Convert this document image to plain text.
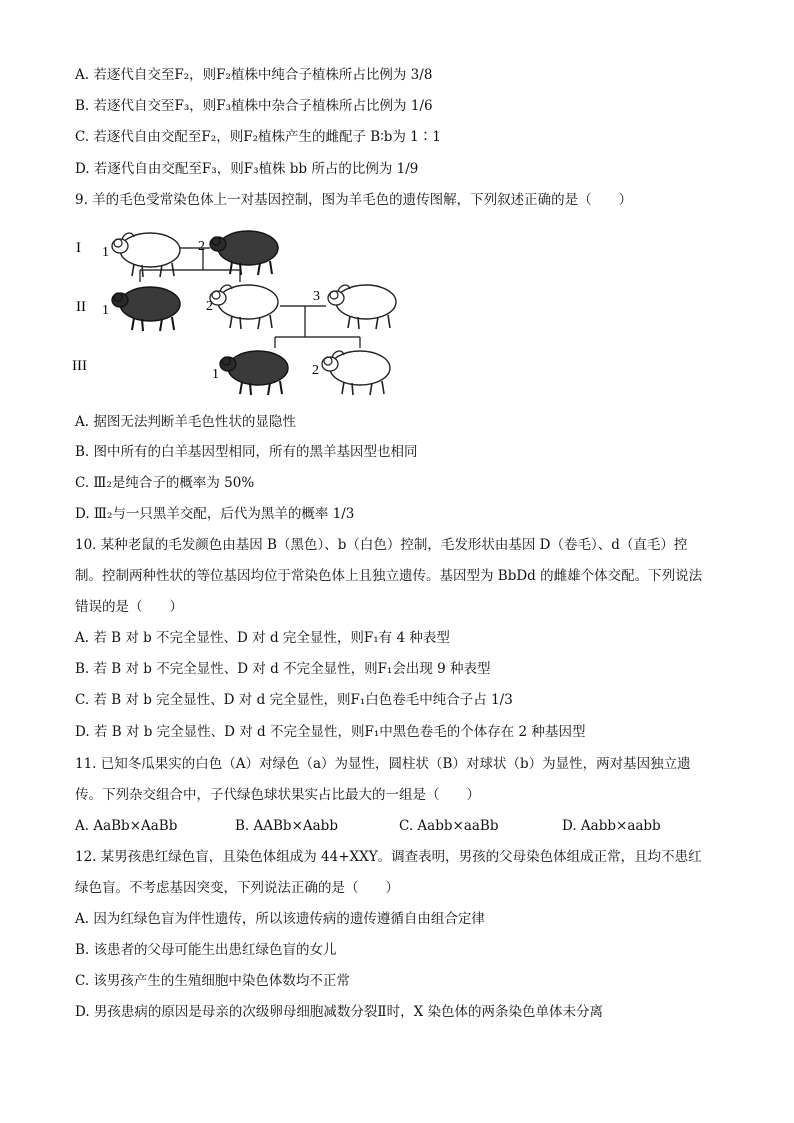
A. 若逐代自交至F₂，则F₂植株中纯合子植株所占比例为 3/8
B. 若逐代自交至F₃，则F₃植株中杂合子植株所占比例为 1/6
C. 若逐代自由交配至F₂，则F₂植株产生的雌配子 B∶b为 1∶1
D. 若逐代自由交配至F₃，则F₃植株 bb 所占的比例为 1/9
9. 羊的毛色受常染色体上一对基因控制，图为羊毛色的遗传图解，下列叙述正确的是（　　）
I
II
III
1	2
1	2
3
1	2
A. 据图无法判断羊毛色性状的显隐性
B. 图中所有的白羊基因型相同，所有的黑羊基因型也相同
C. Ⅲ₂是纯合子的概率为 50%
D. Ⅲ₂与一只黑羊交配，后代为黑羊的概率 1/3
10. 某种老鼠的毛发颜色由基因 B（黑色）、b（白色）控制，毛发形状由基因 D（卷毛）、d（直毛）控
制。控制两种性状的等位基因均位于常染色体上且独立遗传。基因型为 BbDd 的雌雄个体交配。下列说法
错误的是（　　）
A. 若 B 对 b 不完全显性、D 对 d 完全显性，则F₁有 4 种表型
B. 若 B 对 b 不完全显性、D 对 d 不完全显性，则F₁会出现 9 种表型
C. 若 B 对 b 完全显性、D 对 d 完全显性，则F₁白色卷毛中纯合子占 1/3
D. 若 B 对 b 完全显性、D 对 d 不完全显性，则F₁中黑色卷毛的个体存在 2 种基因型
11. 已知冬瓜果实的白色（A）对绿色（a）为显性，圆柱状（B）对球状（b）为显性，两对基因独立遗
传。下列杂交组合中，子代绿色球状果实占比最大的一组是（　　）
A. AaBb×AaBb	B. AABb×Aabb	C. Aabb×aaBb	D. Aabb×aabb
12. 某男孩患红绿色盲，且染色体组成为 44+XXY。调查表明，男孩的父母染色体组成正常，且均不患红
绿色盲。不考虑基因突变，下列说法正确的是（　　）
A. 因为红绿色盲为伴性遗传，所以该遗传病的遗传遵循自由组合定律
B. 该患者的父母可能生出患红绿色盲的女儿
C. 该男孩产生的生殖细胞中染色体数均不正常
D. 男孩患病的原因是母亲的次级卵母细胞减数分裂Ⅱ时，X 染色体的两条染色单体未分离
